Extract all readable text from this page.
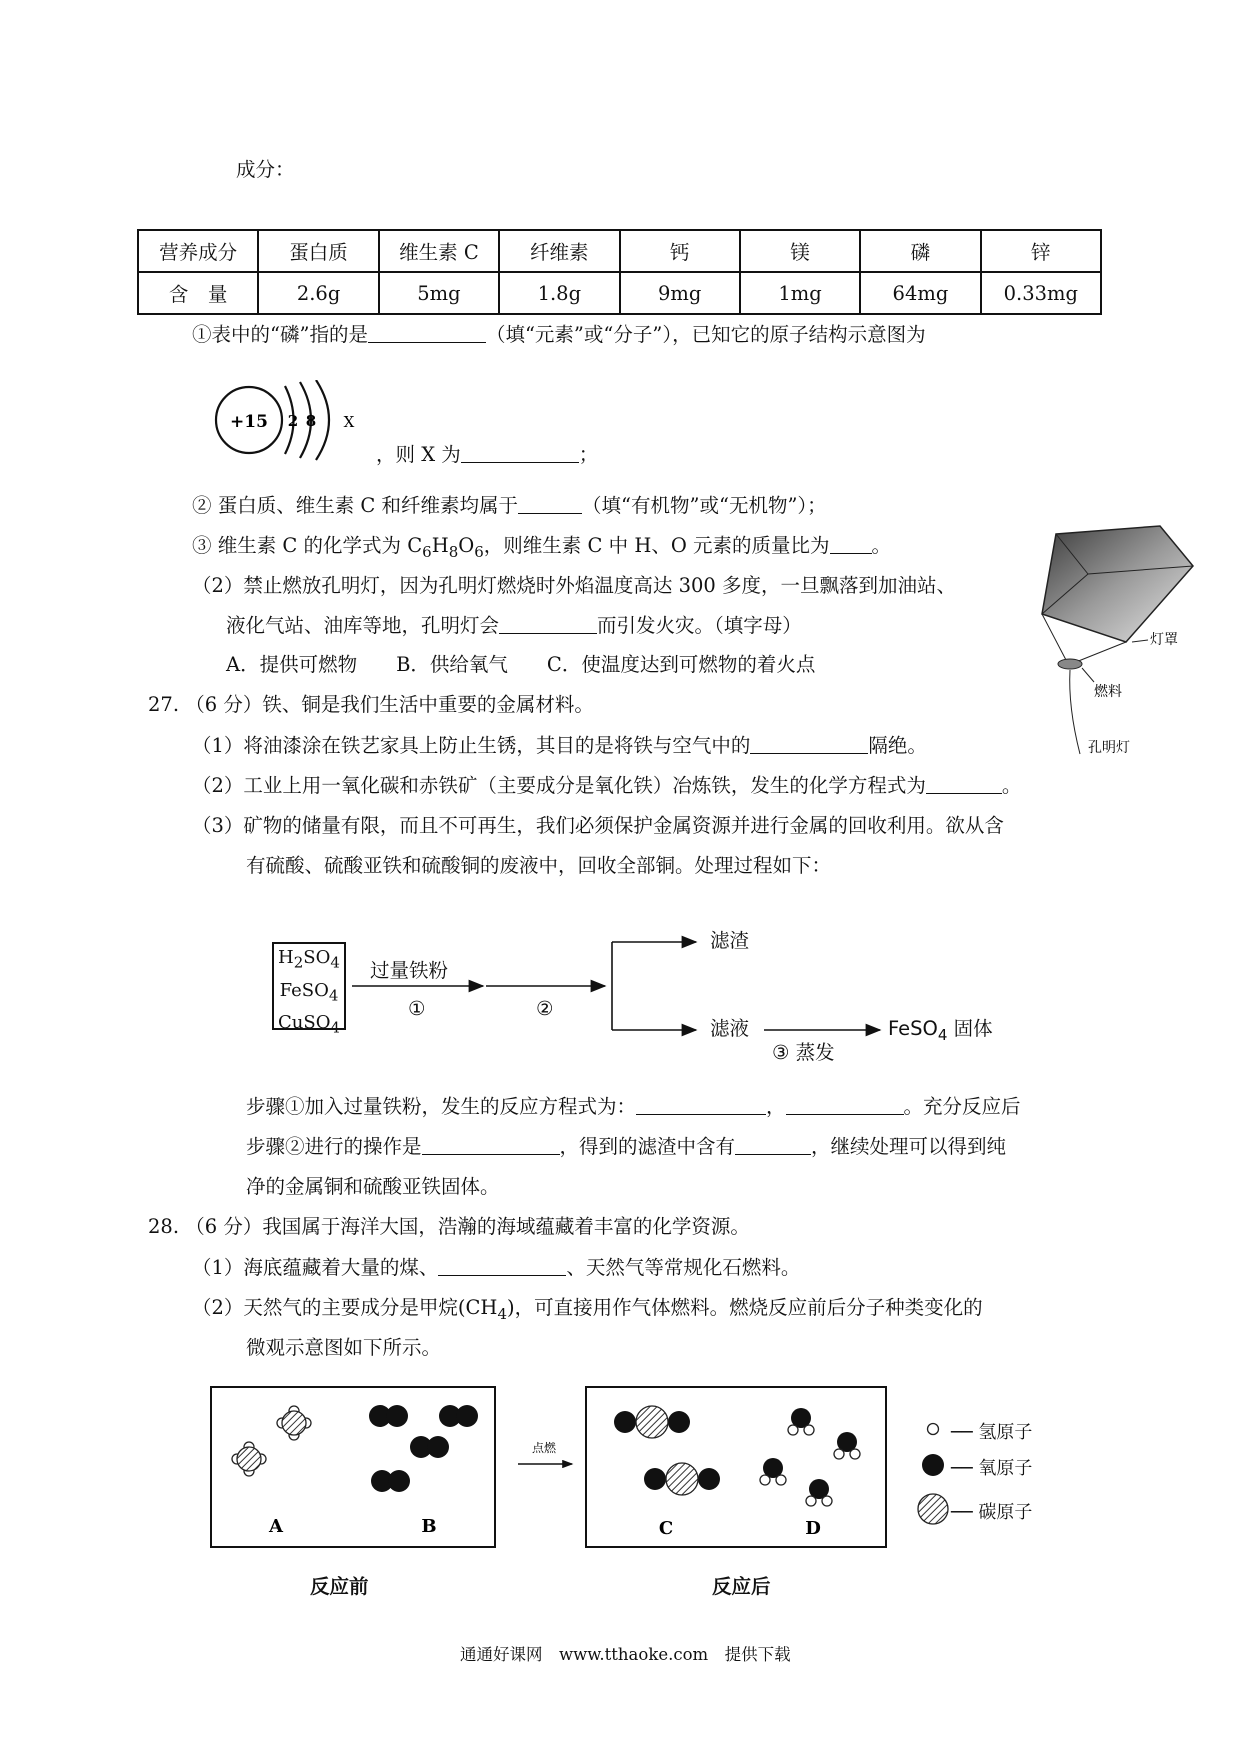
成分：
营养成分	蛋白质	维生素 C	纤维素	钙	镁	磷	锌
含　量	2.6g	5mg	1.8g	9mg	1mg	64mg	0.33mg
①表中的“磷”指的是	（填“元素”或“分子”），已知它的原子结构示意图为
+15 2 8 X
，则 X 为	；
② 蛋白质、维生素 C 和纤维素均属于	（填“有机物”或“无机物”）；
③ 维生素 C 的化学式为 $C_6H_8O_6$，则维生素 C 中 H、O 元素的质量比为 。
（2）禁止燃放孔明灯，因为孔明灯燃烧时外焰温度高达 300 多度，一旦飘落到加油站、
液化气站、油库等地，孔明灯会	而引发火灾。（填字母）
A．提供可燃物　　B．供给氧气　　C．使温度达到可燃物的着火点
灯罩
燃料
孔明灯
27. （6 分）铁、铜是我们生活中重要的金属材料。
（1）将油漆涂在铁艺家具上防止生锈，其目的是将铁与空气中的	隔绝。
（2）工业上用一氧化碳和赤铁矿（主要成分是氧化铁）冶炼铁，发生的化学方程式为	。
（3）矿物的储量有限，而且不可再生，我们必须保护金属资源并进行金属的回收利用。欲从含
有硫酸、硫酸亚铁和硫酸铜的废液中，回收全部铜。处理过程如下：
$H_2SO_4$
FeSO$_4$
CuSO$_4$
过量铁粉
①	②
滤渣
滤液
③ 蒸发
FeSO$_4$ 固体
步骤①加入过量铁粉，发生的反应方程式为：	，	。充分反应后
步骤②进行的操作是	，得到的滤渣中含有	，继续处理可以得到纯
净的金属铜和硫酸亚铁固体。
28. （6 分）我国属于海洋大国，浩瀚的海域蕴藏着丰富的化学资源。
（1）海底蕴藏着大量的煤、	、天然气等常规化石燃料。
（2）天然气的主要成分是甲烷$(CH_4)$，可直接用作气体燃料。燃烧反应前后分子种类变化的
微观示意图如下所示。
A	B
点燃
C	D
── 氢原子
── 氧原子
── 碳原子
反应前	反应后
通通好课网　www.tthaoke.com　提供下载
